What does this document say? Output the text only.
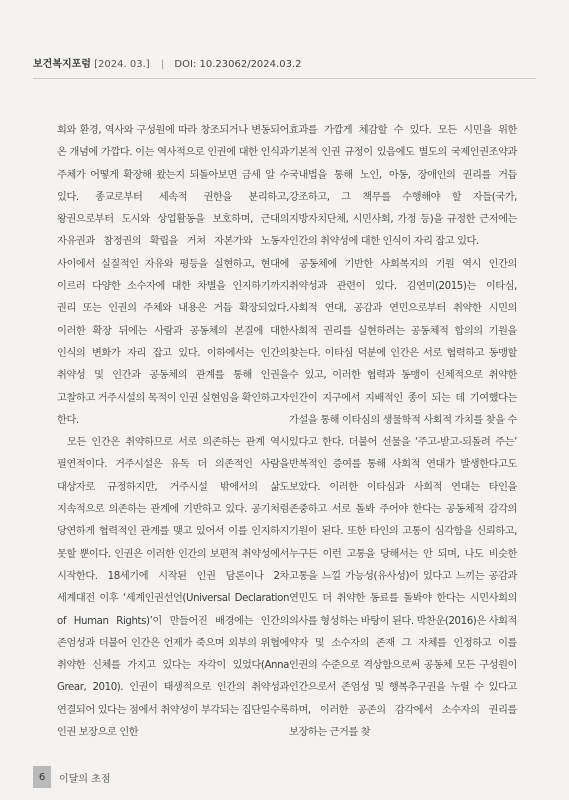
보건복지포럼 [2024. 03.] | DOI: 10.23062/2024.03.2

회와 환경, 역사와 구성원에 따라 창조되거나 변동되어 온 개념에 가깝다. 이는 역사적으로 인권에 대한 인식과 주체가 어떻게 확장해 왔는지 되돌아보면 금세 알 수 있다. 종교로부터 세속적 권한을 분리하고, 왕권으로부터 도시와 상업활동을 보호하며, 근대의 자유권과 참정권의 확립을 거쳐 자본가와 노동자 사이에서 실질적인 자유와 평등을 실현하고, 현대에 이르러 다양한 소수자에 대한 차별을 인지하기까지 권리 또는 인권의 주체와 내용은 거듭 확장되었다. 이러한 확장 뒤에는 사람과 공동체의 본질에 대한 인식의 변화가 자리 잡고 있다. 이하에서는 인간의 취약성 및 인간과 공동체의 관계를 통해 인권을 고찰하고 거주시설의 목적이 인권 실현임을 확인하고자 한다.

모든 인간은 취약하므로 서로 의존하는 관계 역시 필연적이다. 거주시설은 유독 더 의존적인 사람을 대상자로 규정하지만, 거주시설 밖에서의 삶도 지속적으로 의존하는 관계에 기반하고 있다. 공기처럼 당연하게 협력적인 관계를 맺고 있어서 이를 인지하지 못할 뿐이다. 인권은 이러한 인간의 보편적 취약성에서 시작한다. 18세기에 시작된 인권 담론이나 2차 세계대전 이후 ‘세계인권선언(Universal Declaration of Human Rights)’이 만들어진 배경에는 인간의 존엄성과 더불어 인간은 언제가 죽으며 외부의 위협에 취약한 신체를 가지고 있다는 자각이 있었다(Anna Grear, 2010). 인권이 태생적으로 인간의 취약성과 연결되어 있다는 점에서 취약성이 부각되는 집단일수록 인권 보장으로 인한

효과를 가깝게 체감할 수 있다. 모든 시민을 위한 기본적 인권 규정이 있음에도 별도의 국제인권조약과 국내법을 통해 노인, 아동, 장애인의 권리를 거듭 강조하고, 그 책무를 수행해야 할 자들(국가, 지방자치단체, 시민사회, 가정 등)을 규정한 근저에는 인간의 취약성에 대한 인식이 자리 잡고 있다.

공동체에 기반한 사회복지의 기원 역시 인간의 취약성과 관련이 있다. 김연미(2015)는 이타심, 사회적 연대, 공감과 연민으로부터 취약한 시민의 사회적 권리를 실현하려는 공동체적 합의의 기원을 찾는다. 이타심 덕분에 인간은 서로 협력하고 동맹할 수 있고, 이러한 협력과 동맹이 신체적으로 취약한 인간이 지구에서 지배적인 종이 되는 데 기여했다는 가설을 통해 이타심의 생물학적 사회적 가치를 찾을 수 있다고 한다. 더불어 선물을 ‘주고-받고-되돌려 주는’ 반복적인 증여를 통해 사회적 연대가 발생한다고도 보았다. 이러한 이타심과 사회적 연대는 타인을 존중하고 서로 돌봐 주어야 한다는 공동체적 감각의 기원이 된다. 또한 타인의 고통이 심각함을 신뢰하고, 누구든 이런 고통을 당해서는 안 되며, 나도 비슷한 고통을 느낄 가능성(유사성)이 있다고 느끼는 공감과 연민도 더 취약한 동료를 돌봐야 한다는 시민사회의 의사를 형성하는 바탕이 된다. 박찬운(2016)은 사회적 약자 및 소수자의 존재 그 자체를 인정하고 이를 인권의 수준으로 격상함으로써 공동체 모든 구성원이 인간으로서 존엄성 및 행복추구권을 누릴 수 있다고 하며, 이러한 공존의 감각에서 소수자의 권리를 보장하는 근거를 찾

6	이달의 초점
